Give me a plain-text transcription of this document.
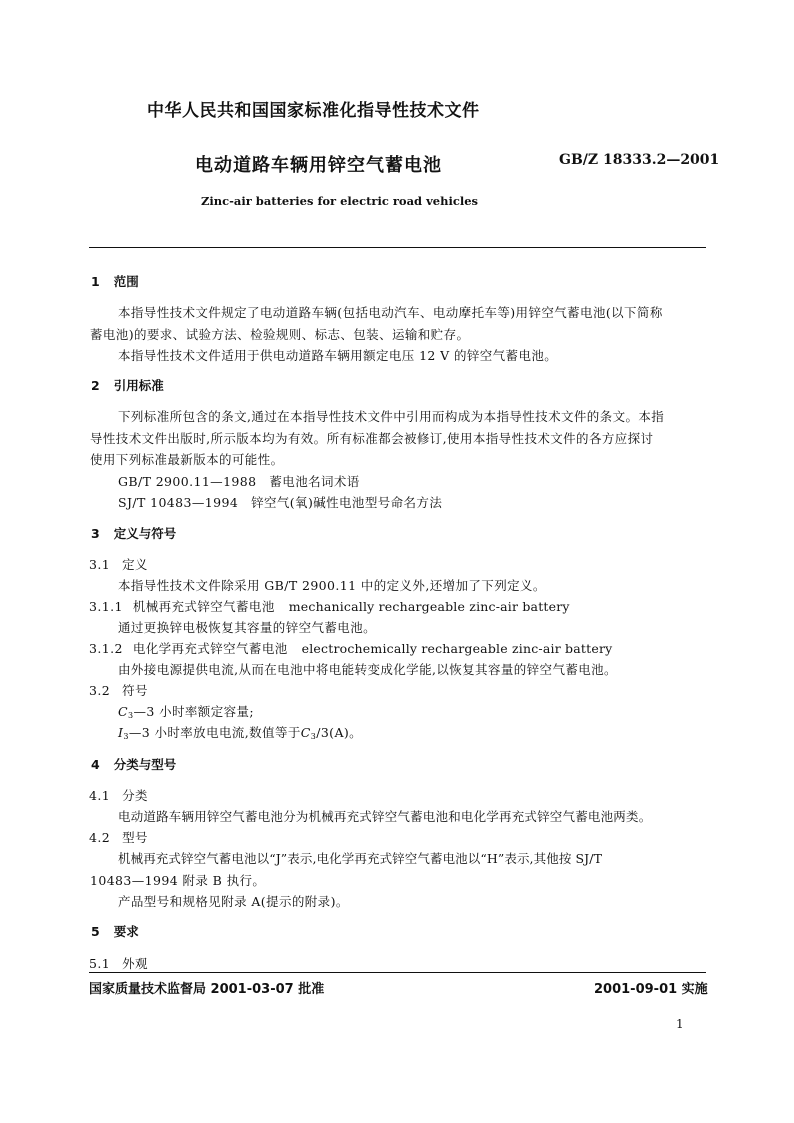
中华人民共和国国家标准化指导性技术文件
电动道路车辆用锌空气蓄电池	GB/Z 18333.2—2001
Zinc-air batteries for electric road vehicles
1 范围
本指导性技术文件规定了电动道路车辆(包括电动汽车、电动摩托车等)用锌空气蓄电池(以下简称
蓄电池)的要求、试验方法、检验规则、标志、包装、运输和贮存。
本指导性技术文件适用于供电动道路车辆用额定电压 12 V 的锌空气蓄电池。
2 引用标准
下列标准所包含的条文,通过在本指导性技术文件中引用而构成为本指导性技术文件的条文。本指
导性技术文件出版时,所示版本均为有效。所有标准都会被修订,使用本指导性技术文件的各方应探讨
使用下列标准最新版本的可能性。
GB/T 2900.11—1988　蓄电池名词术语
SJ/T 10483—1994　锌空气(氧)碱性电池型号命名方法
3 定义与符号
3.1 定义
本指导性技术文件除采用 GB/T 2900.11 中的定义外,还增加了下列定义。
3.1.1 机械再充式锌空气蓄电池 mechanically rechargeable zinc-air battery
通过更换锌电极恢复其容量的锌空气蓄电池。
3.1.2 电化学再充式锌空气蓄电池 electrochemically rechargeable zinc-air battery
由外接电源提供电流,从而在电池中将电能转变成化学能,以恢复其容量的锌空气蓄电池。
3.2 符号
$C_3—3$ 小时率额定容量;
$I_3—3$ 小时率放电电流,数值等于$C_3/3(A)$。
4 分类与型号
4.1 分类
电动道路车辆用锌空气蓄电池分为机械再充式锌空气蓄电池和电化学再充式锌空气蓄电池两类。
4.2 型号
机械再充式锌空气蓄电池以“J”表示,电化学再充式锌空气蓄电池以“H”表示,其他按 SJ/T
10483—1994 附录 B 执行。
产品型号和规格见附录 A(提示的附录)。
5 要求
5.1 外观
国家质量技术监督局 2001-03-07 批准	2001-09-01 实施
1
